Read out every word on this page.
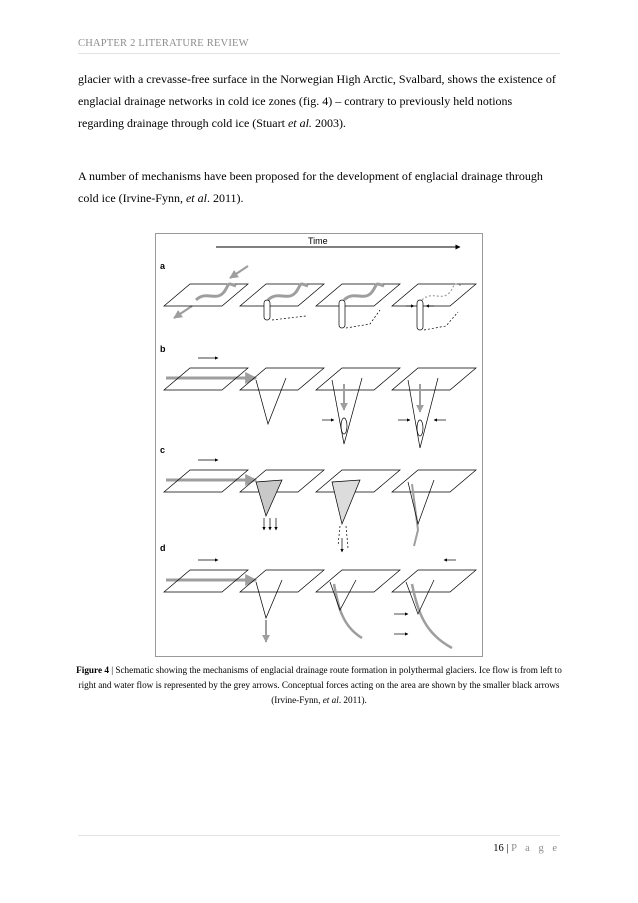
CHAPTER 2 LITERATURE REVIEW
glacier with a crevasse-free surface in the Norwegian High Arctic, Svalbard, shows the existence of englacial drainage networks in cold ice zones (fig. 4) – contrary to previously held notions regarding drainage through cold ice (Stuart et al. 2003).
A number of mechanisms have been proposed for the development of englacial drainage through cold ice (Irvine-Fynn, et al. 2011).
Time
a
b
c
d
Figure 4 | Schematic showing the mechanisms of englacial drainage route formation in polythermal glaciers. Ice flow is from left to right and water flow is represented by the grey arrows. Conceptual forces acting on the area are shown by the smaller black arrows (Irvine-Fynn, et al. 2011).
16 | P a g e
